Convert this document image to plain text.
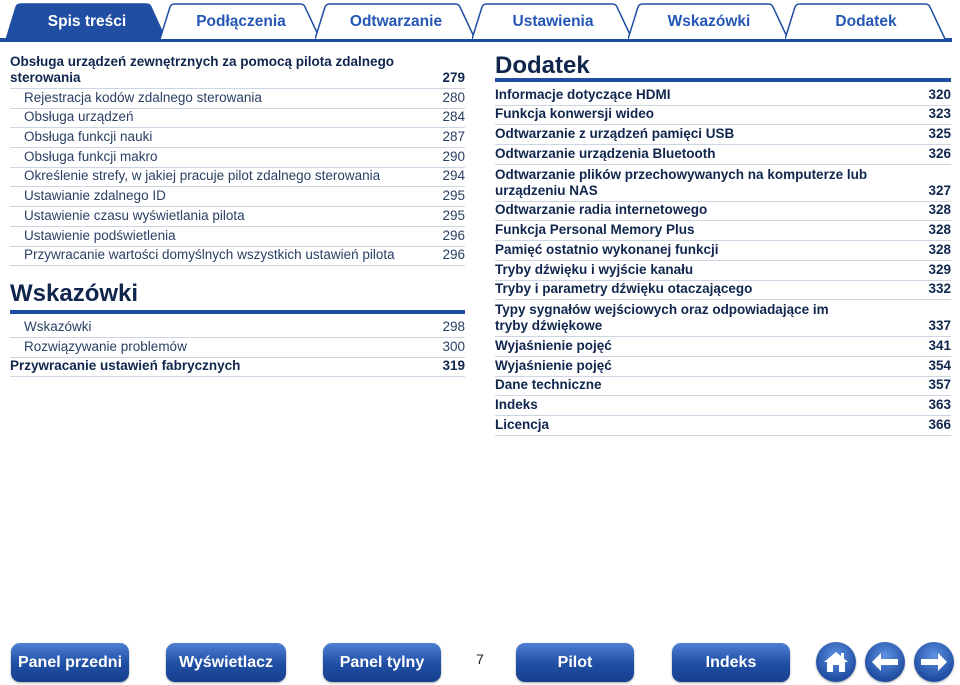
Spis treści	Podłączenia	Odtwarzanie	Ustawienia	Wskazówki	Dodatek
Obsługa urządzeń zewnętrznych za pomocą pilota zdalnego
sterowania	279
Rejestracja kodów zdalnego sterowania	280
Obsługa urządzeń	284
Obsługa funkcji nauki	287
Obsługa funkcji makro	290
Określenie strefy, w jakiej pracuje pilot zdalnego sterowania	294
Ustawianie zdalnego ID	295
Ustawienie czasu wyświetlania pilota	295
Ustawienie podświetlenia	296
Przywracanie wartości domyślnych wszystkich ustawień pilota	296
Wskazówki
Wskazówki	298
Rozwiązywanie problemów	300
Przywracanie ustawień fabrycznych	319
Dodatek
Informacje dotyczące HDMI	320
Funkcja konwersji wideo	323
Odtwarzanie z urządzeń pamięci USB	325
Odtwarzanie urządzenia Bluetooth	326
Odtwarzanie plików przechowywanych na komputerze lub urządzeniu NAS	327
Odtwarzanie radia internetowego	328
Funkcja Personal Memory Plus	328
Pamięć ostatnio wykonanej funkcji	328
Tryby dźwięku i wyjście kanału	329
Tryby i parametry dźwięku otaczającego	332
Typy sygnałów wejściowych oraz odpowiadające im tryby dźwiękowe	337
Wyjaśnienie pojęć	341
Wyjaśnienie pojęć	354
Dane techniczne	357
Indeks	363
Licencja	366
Panel przedni	Wyświetlacz	Panel tylny	7	Pilot	Indeks
